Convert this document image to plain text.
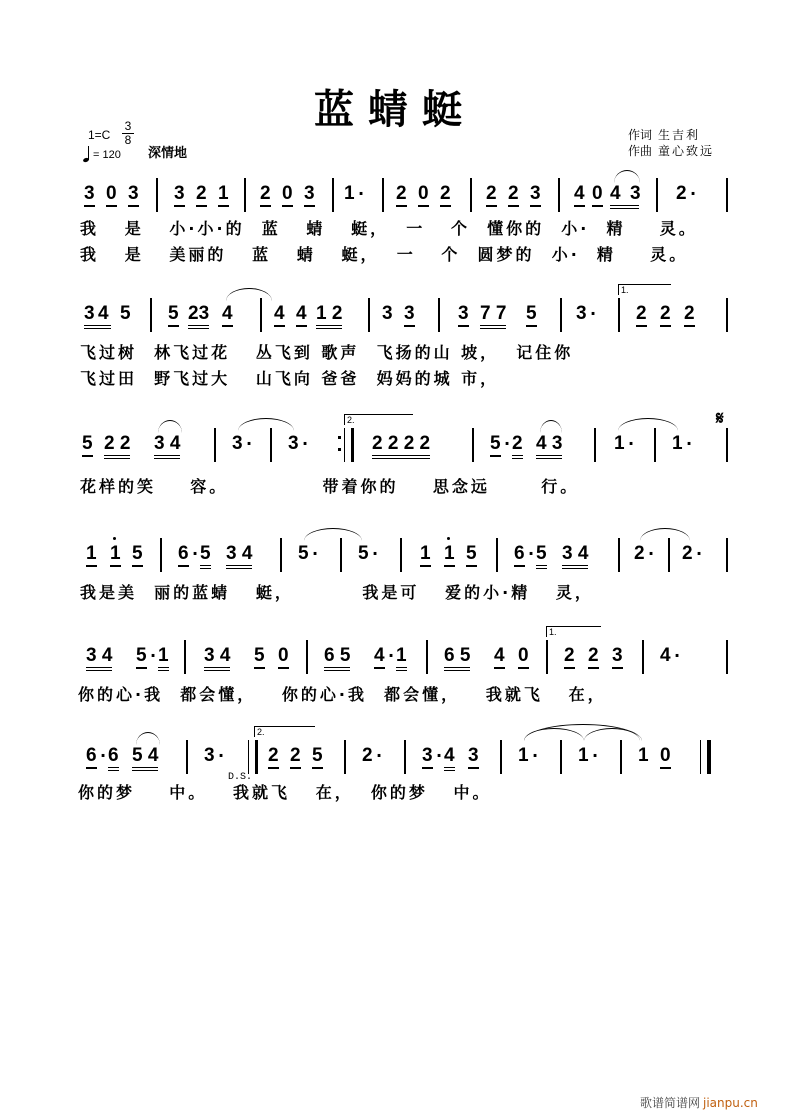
蓝蜻蜓
$1=C \frac{3}{8}$
= 120 深情地
作词 生吉利
作曲 童心致远
3 0 3 3 2 1 2 0 3 1 · 2 0 2 2 2 3 4 0 4 3 2 ·
我   是   小·小·的  蓝   蜻   蜓，  一   个  懂你的  小·  精    灵。
我   是   美丽的   蓝   蜻   蜓，  一   个  圆梦的  小·  精    灵。
3 4 5 5 23 4 4 4 1 2 3 3 3 7 7 5 3 ·
1.
2 2 2
飞过树  林飞过花   丛飞到 歌声  飞扬的山 坡，  记住你
飞过田  野飞过大   山飞向 爸爸  妈妈的城 市，
5 2 2 3 4	3 · 3 ·
2.
2 2 2 2	5 · 2 4 3	1 · 1 ·
𝄋
花样的笑    容。           带着你的    思念远      行。
1 1 5 6 · 5 3 4 5 · 5 · 1 1 5 6 · 5 3 4 2 · 2 ·
我是美  丽的蓝蜻   蜓，        我是可   爱的小·精   灵，
3 4 5 · 1 3 4 5 0 6 5 4 · 1 6 5 4 0
1.
2 2 3 4 ·
你的心·我  都会懂，   你的心·我  都会懂，   我就飞   在，
6 · 6 5 4 3 ·
2.
2 2 5 2 · 3 · 4 3 1 · 1 · 1 0
你的梦    中。   我就飞   在，  你的梦   中。
D.S.
歌谱简谱网 jianpu.cn
